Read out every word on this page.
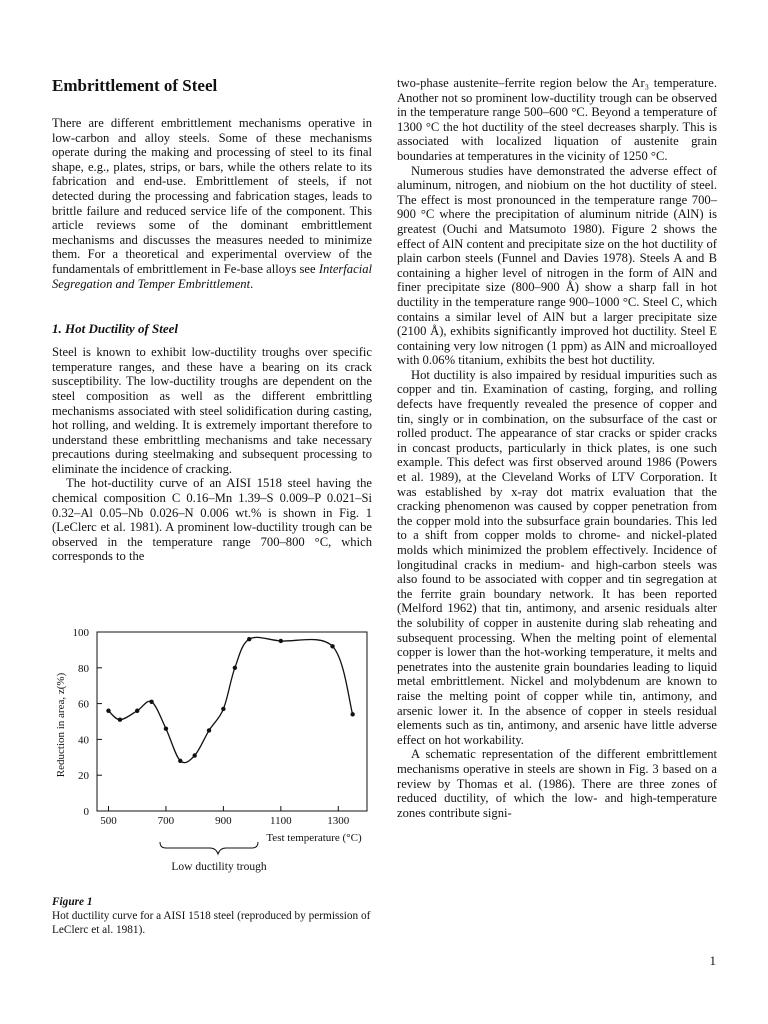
Embrittlement of Steel

There are different embrittlement mechanisms operative in low-carbon and alloy steels. Some of these mechanisms operate during the making and processing of steel to its final shape, e.g., plates, strips, or bars, while the others relate to its fabrication and end-use. Embrittlement of steels, if not detected during the processing and fabrication stages, leads to brittle failure and reduced service life of the component. This article reviews some of the dominant embrittlement mechanisms and discusses the measures needed to minimize them. For a theoretical and experimental overview of the fundamentals of embrittlement in Fe-base alloys see Interfacial Segregation and Temper Embrittlement.

1. Hot Ductility of Steel

Steel is known to exhibit low-ductility troughs over specific temperature ranges, and these have a bearing on its crack susceptibility. The low-ductility troughs are dependent on the steel composition as well as the different embrittling mechanisms associated with steel solidification during casting, hot rolling, and welding. It is extremely important therefore to understand these embrittling mechanisms and take necessary precautions during steelmaking and subsequent processing to eliminate the incidence of cracking.

The hot-ductility curve of an AISI 1518 steel having the chemical composition C 0.16–Mn 1.39–S 0.009–P 0.021–Si 0.32–Al 0.05–Nb 0.026–N 0.006 wt.% is shown in Fig. 1 (LeClerc et al. 1981). A prominent low-ductility trough can be observed in the temperature range 700–800 °C, which corresponds to the

0
20
40
60
80
100
500	700	900	1100	1300
Reduction in area, z(%)
Test temperature (°C)
Low ductility trough
Figure 1
Hot ductility curve for a AISI 1518 steel (reproduced by permission of LeClerc et al. 1981).

two-phase austenite–ferrite region below the Ar₃ temperature. Another not so prominent low-ductility trough can be observed in the temperature range 500–600 °C. Beyond a temperature of 1300 °C the hot ductility of the steel decreases sharply. This is associated with localized liquation of austenite grain boundaries at temperatures in the vicinity of 1250 °C.

Numerous studies have demonstrated the adverse effect of aluminum, nitrogen, and niobium on the hot ductility of steel. The effect is most pronounced in the temperature range 700–900 °C where the precipitation of aluminum nitride (AlN) is greatest (Ouchi and Matsumoto 1980). Figure 2 shows the effect of AlN content and precipitate size on the hot ductility of plain carbon steels (Funnel and Davies 1978). Steels A and B containing a higher level of nitrogen in the form of AlN and finer precipitate size (800–900 Å) show a sharp fall in hot ductility in the temperature range 900–1000 °C. Steel C, which contains a similar level of AlN but a larger precipitate size (2100 Å), exhibits significantly improved hot ductility. Steel E containing very low nitrogen (1 ppm) as AlN and microalloyed with 0.06% titanium, exhibits the best hot ductility.

Hot ductility is also impaired by residual impurities such as copper and tin. Examination of casting, forging, and rolling defects have frequently revealed the presence of copper and tin, singly or in combination, on the subsurface of the cast or rolled product. The appearance of star cracks or spider cracks in concast products, particularly in thick plates, is one such example. This defect was first observed around 1986 (Powers et al. 1989), at the Cleveland Works of LTV Corporation. It was established by x-ray dot matrix evaluation that the cracking phenomenon was caused by copper penetration from the copper mold into the subsurface grain boundaries. This led to a shift from copper molds to chrome- and nickel-plated molds which minimized the problem effectively. Incidence of longitudinal cracks in medium- and high-carbon steels was also found to be associated with copper and tin segregation at the ferrite grain boundary network. It has been reported (Melford 1962) that tin, antimony, and arsenic residuals alter the solubility of copper in austenite during slab reheating and subsequent processing. When the melting point of elemental copper is lower than the hot-working temperature, it melts and penetrates into the austenite grain boundaries leading to liquid metal embrittlement. Nickel and molybdenum are known to raise the melting point of copper while tin, antimony, and arsenic lower it. In the absence of copper in steels residual elements such as tin, antimony, and arsenic have little adverse effect on hot workability.

A schematic representation of the different embrittlement mechanisms operative in steels are shown in Fig. 3 based on a review by Thomas et al. (1986). There are three zones of reduced ductility, of which the low- and high-temperature zones contribute signi-

1
